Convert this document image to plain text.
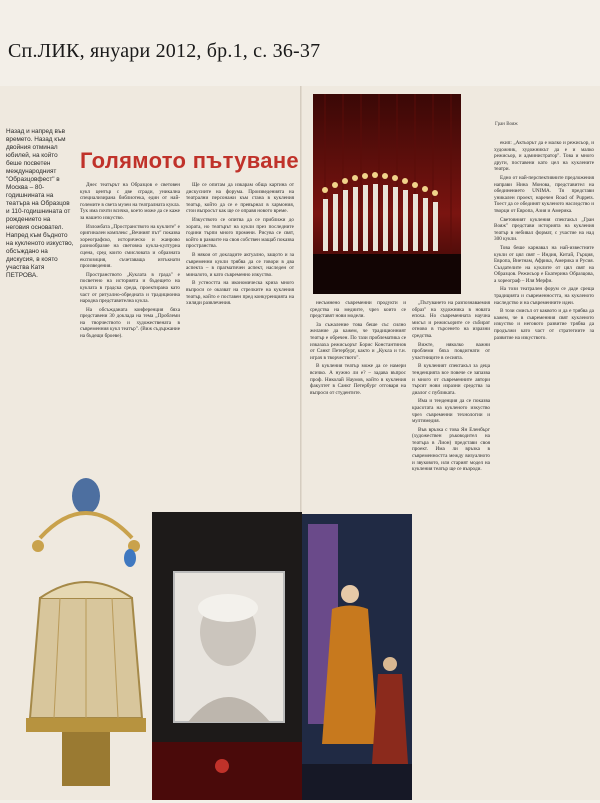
Сп.ЛИК, януари 2012, бр.1, с. 36-37
Назад и напред във времето. Назад към двойния отминал юбилей, на който беше посветен международният "Образцовфест" в Москва – 80-годишнината на театъра на Образцов и 110-годишнината от рождението на неговия основател. Напред към бъдното на кукленото изкуство, обсъждано на дискусия, в която участва Катя ПЕТРОВА.
Голямото пътуване

Днес театърът на Образцов е световен кукл център с две сгради, уникална специализирана библиотека, един от най-големите в света музеи на театралната кукла. Тук има почти всичко, което може да се каже за нашето изкуство.

Изложбата „Пространството на куклите" е оригинален комплекс „Вечният път" показва хореографско, историческо и жанрово разнообразие на световна кукла-културна сцена, сред които смисловата и образната експозиция, съчетаваща изтъкнати произведения.

Пространството „Куклата в града" е посветено на историята и бъдещето на куклата в градска среда, проектирана като част от ритуално-обредната и традиционна народна представителна кукла.

На обсъжданата конференция бяха представени 30 доклада на тема „Проблеми на творчеството и художествената в съвременния кукл театър". (Виж съдържание на бъдещи броеве).

Ще се опитам да изкарам обща картина от дискусиите на форума. Произведенията на театрални персонажи към стана в кукления театър, който да се е превърнал в хармония, стои въпросът как ще се оправя новото време.

Изкуството се опитва да се приближи до хората, но театърът на кукли през последните години търпи много промени. Рисува се свят, който в рамките на своя собствен мащаб показва пространства.

В някои от докладите актуално, защото и за съвременни кукли трябва да се говори в два аспекта – в прагматичен аспект, наследен от миналото, и като съвременно изкуство.

В устността на икономическа криза много въпроси се оказват на стрелките на кукления театър, който е поставен пред конкуренцията на хиляди развлечения.	несъмнено съвременни продукти и средства на медиите, чрез които се представят нови модели.

За съжаление това беше със силно желание да кажем, че традиционният театър е обречен. По тази проблематика се изказаха режисьорът Борис Константинов от Санкт Петербург, както и „Кукла и т.н. играч в творчеството".

В кукления театър може да се намери всичко. А нужно ли е? – задава въпрос проф. Николай Наумов, който в кукления факултет в Санкт Петербург отговаря на въпроси от студентите.

„Пътуването на разпознаваемия образ" на художника в новата епоха. Но съвременната научна мисъл и режисьорите се събират отново в търсенето на изразни средства.

Вижте, няколко важни проблеми бяха повдигнати от участниците в сесията.

В кукленият спектакъл за деца тенденцията все повече се запазва и много от съвременните автори търсят нови изразни средства за диалог с публиката.

Има и тенденция да се показва красотата на кукленото изкуство чрез съвременни технологии и мултимедия.

Във връзка с това Ян Еленбърг (художествен ръководител на театъра в Лион) представи своя проект. Има ли връзка в съвременността между визуалното и звуковото, или старият модел на кукления театър ще се възроди.

екип: „Актьорът да е малко и режисьор, и художник, художникът да е и малко режисьор, и администратор". Това и много други, поставени като цел на куклените театри.

Едно от най-перспективните предложения направи Нина Монова, представител на обединението UNIMA. Тя представи уникален проект, наречен Road of Puppets. Тоест да се обединят кукленото наследство и творци от Европа, Азия и Америка.

Световният кукления спектакъл „Гран Вояж" представи историята на кукления театър в небивал формат, с участие на над 300 кукли.

Това беше карнавал на най-известните кукли от цял свят – Индия, Китай, Гърция, Европа, Виетнам, Африка, Америка и Русия. Създателите на куклите от цял свят на Образцов. Режисьор е Екатерина Образцова, а хореограф – Иля Мерфи.

На този театрален форум се даде среща традицията и съвременността, на кукленото наследство и на съвременните идеи.

В този смисъл от каквото и да е трябва да кажем, че в съвременния свят кукленото изкуство и неговото развитие трябва да продължи като част от стратегиите за развитие на изкуството.

Гран Вояж
